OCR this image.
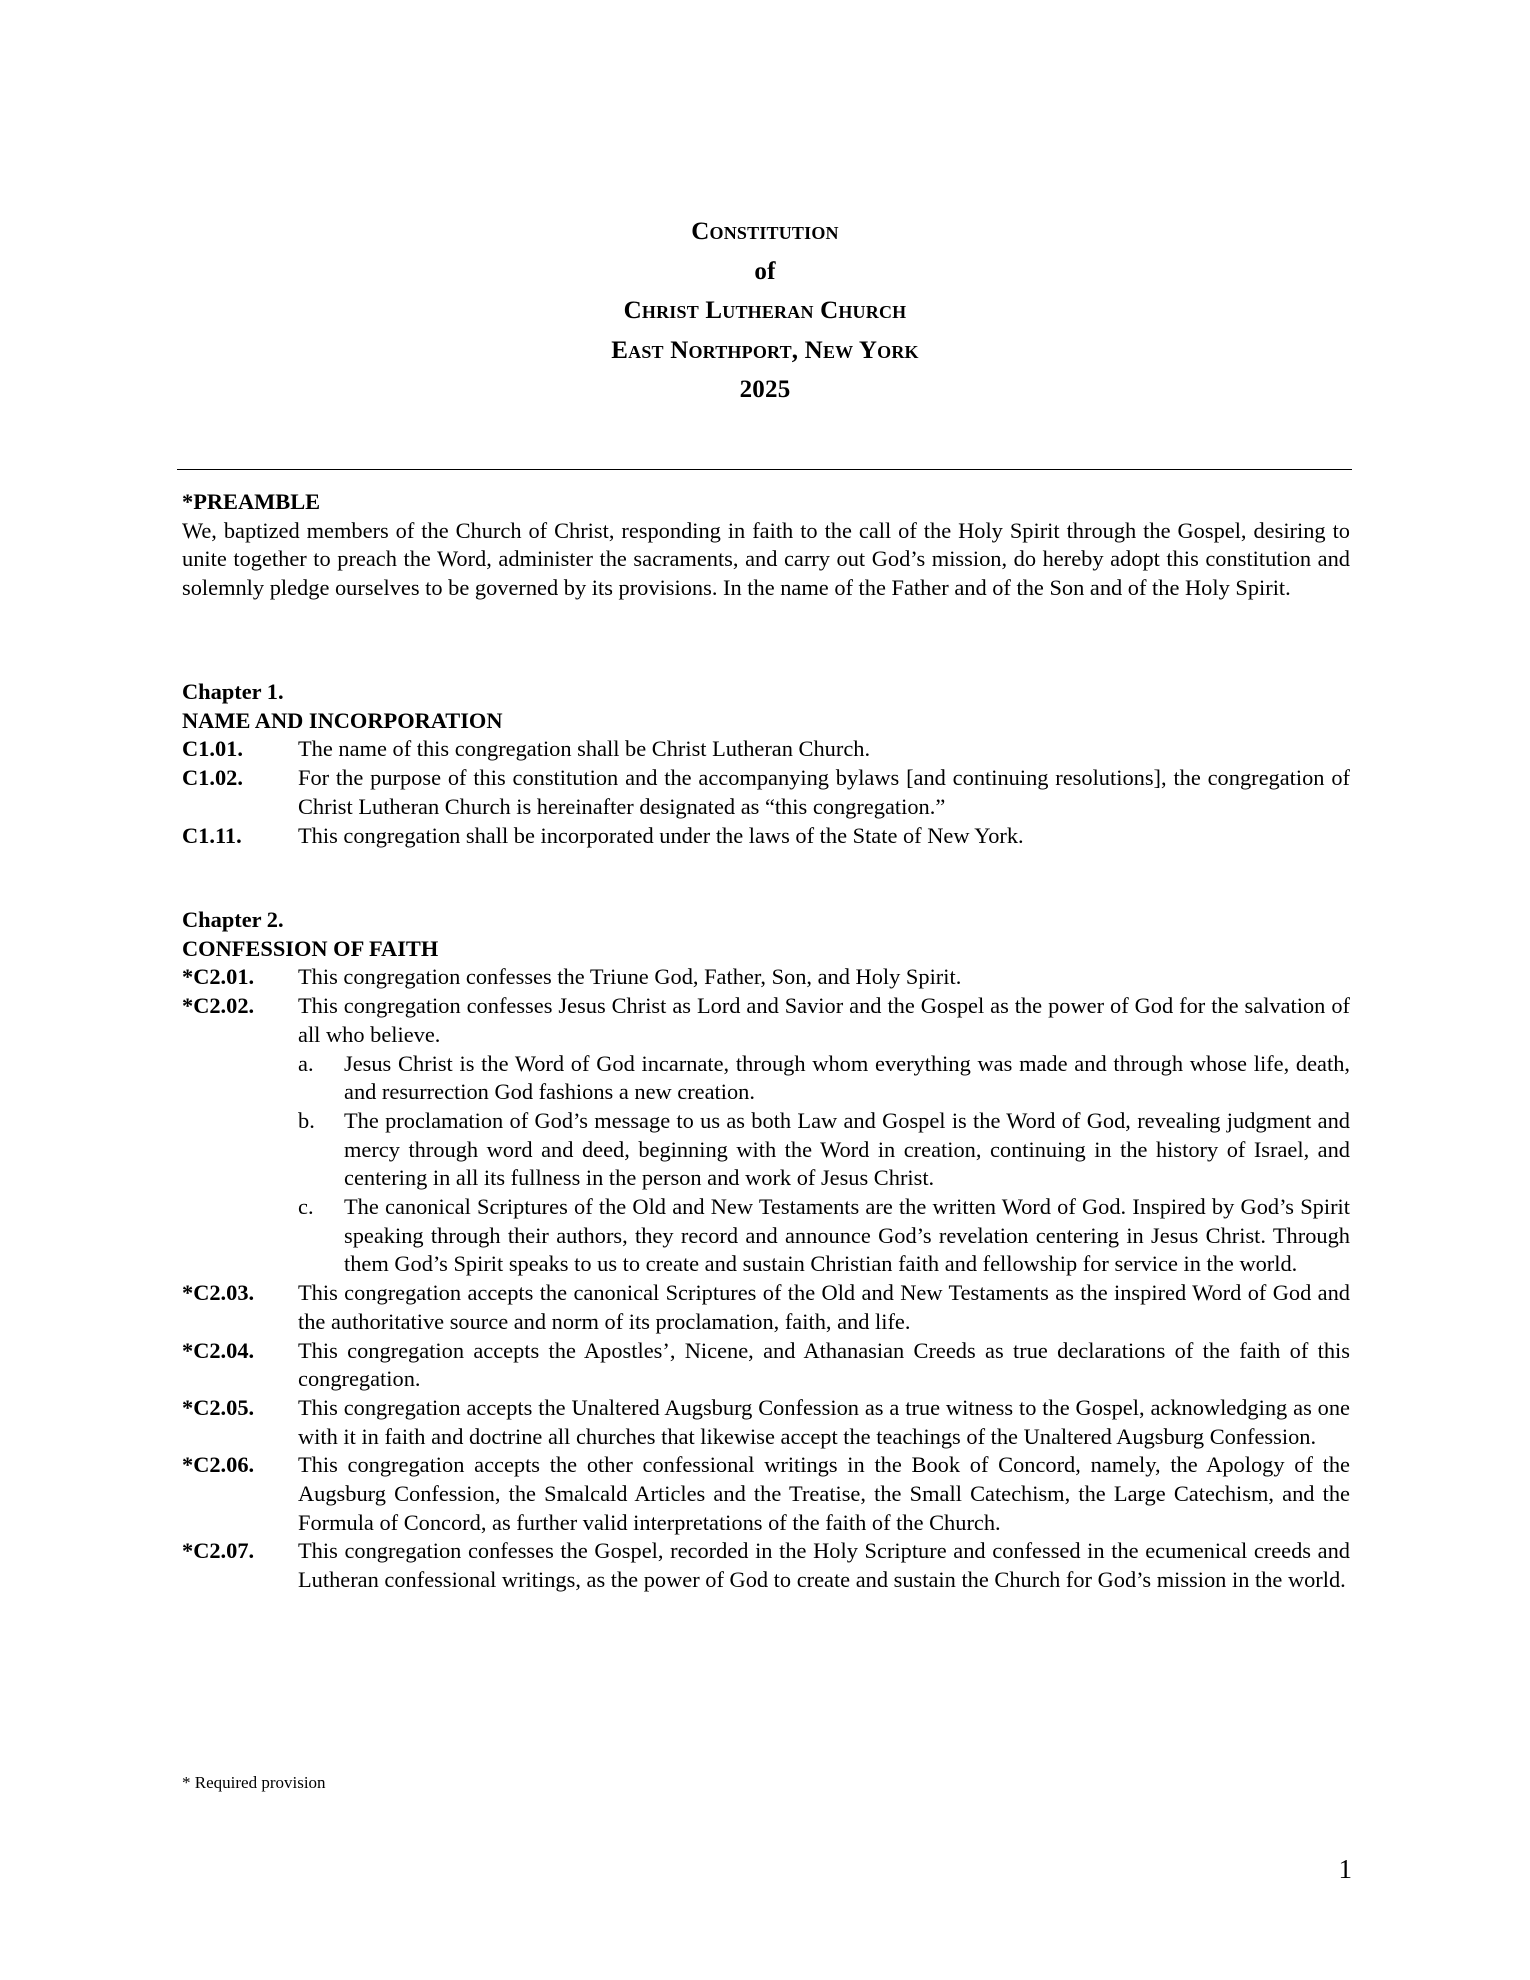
Constitution
of
Christ Lutheran Church
East Northport, New York
2025
*PREAMBLE
We, baptized members of the Church of Christ, responding in faith to the call of the Holy Spirit through the Gospel, desiring to unite together to preach the Word, administer the sacraments, and carry out God’s mission, do hereby adopt this constitution and solemnly pledge ourselves to be governed by its provisions. In the name of the Father and of the Son and of the Holy Spirit.
Chapter 1.
NAME AND INCORPORATION
C1.01. The name of this congregation shall be Christ Lutheran Church.
C1.02. For the purpose of this constitution and the accompanying bylaws [and continuing resolutions], the congregation of Christ Lutheran Church is hereinafter designated as “this congregation.”
C1.11.	This congregation shall be incorporated under the laws of the State of New York.
Chapter 2.
CONFESSION OF FAITH
*C2.01. This congregation confesses the Triune God, Father, Son, and Holy Spirit.
*C2.02. This congregation confesses Jesus Christ as Lord and Savior and the Gospel as the power of God for the salvation of all who believe.
a. Jesus Christ is the Word of God incarnate, through whom everything was made and through whose life, death, and resurrection God fashions a new creation.
b. The proclamation of God’s message to us as both Law and Gospel is the Word of God, revealing judgment and mercy through word and deed, beginning with the Word in creation, continuing in the history of Israel, and centering in all its fullness in the person and work of Jesus Christ.
c. The canonical Scriptures of the Old and New Testaments are the written Word of God. Inspired by God’s Spirit speaking through their authors, they record and announce God’s revelation centering in Jesus Christ. Through them God’s Spirit speaks to us to create and sustain Christian faith and fellowship for service in the world.
*C2.03. This congregation accepts the canonical Scriptures of the Old and New Testaments as the inspired Word of God and the authoritative source and norm of its proclamation, faith, and life.
*C2.04. This congregation accepts the Apostles’, Nicene, and Athanasian Creeds as true declarations of the faith of this congregation.
*C2.05. This congregation accepts the Unaltered Augsburg Confession as a true witness to the Gospel, acknowledging as one with it in faith and doctrine all churches that likewise accept the teachings of the Unaltered Augsburg Confession.
*C2.06. This congregation accepts the other confessional writings in the Book of Concord, namely, the Apology of the Augsburg Confession, the Smalcald Articles and the Treatise, the Small Catechism, the Large Catechism, and the Formula of Concord, as further valid interpretations of the faith of the Church.
*C2.07. This congregation confesses the Gospel, recorded in the Holy Scripture and confessed in the ecumenical creeds and Lutheran confessional writings, as the power of God to create and sustain the Church for God’s mission in the world.
* Required provision
1
